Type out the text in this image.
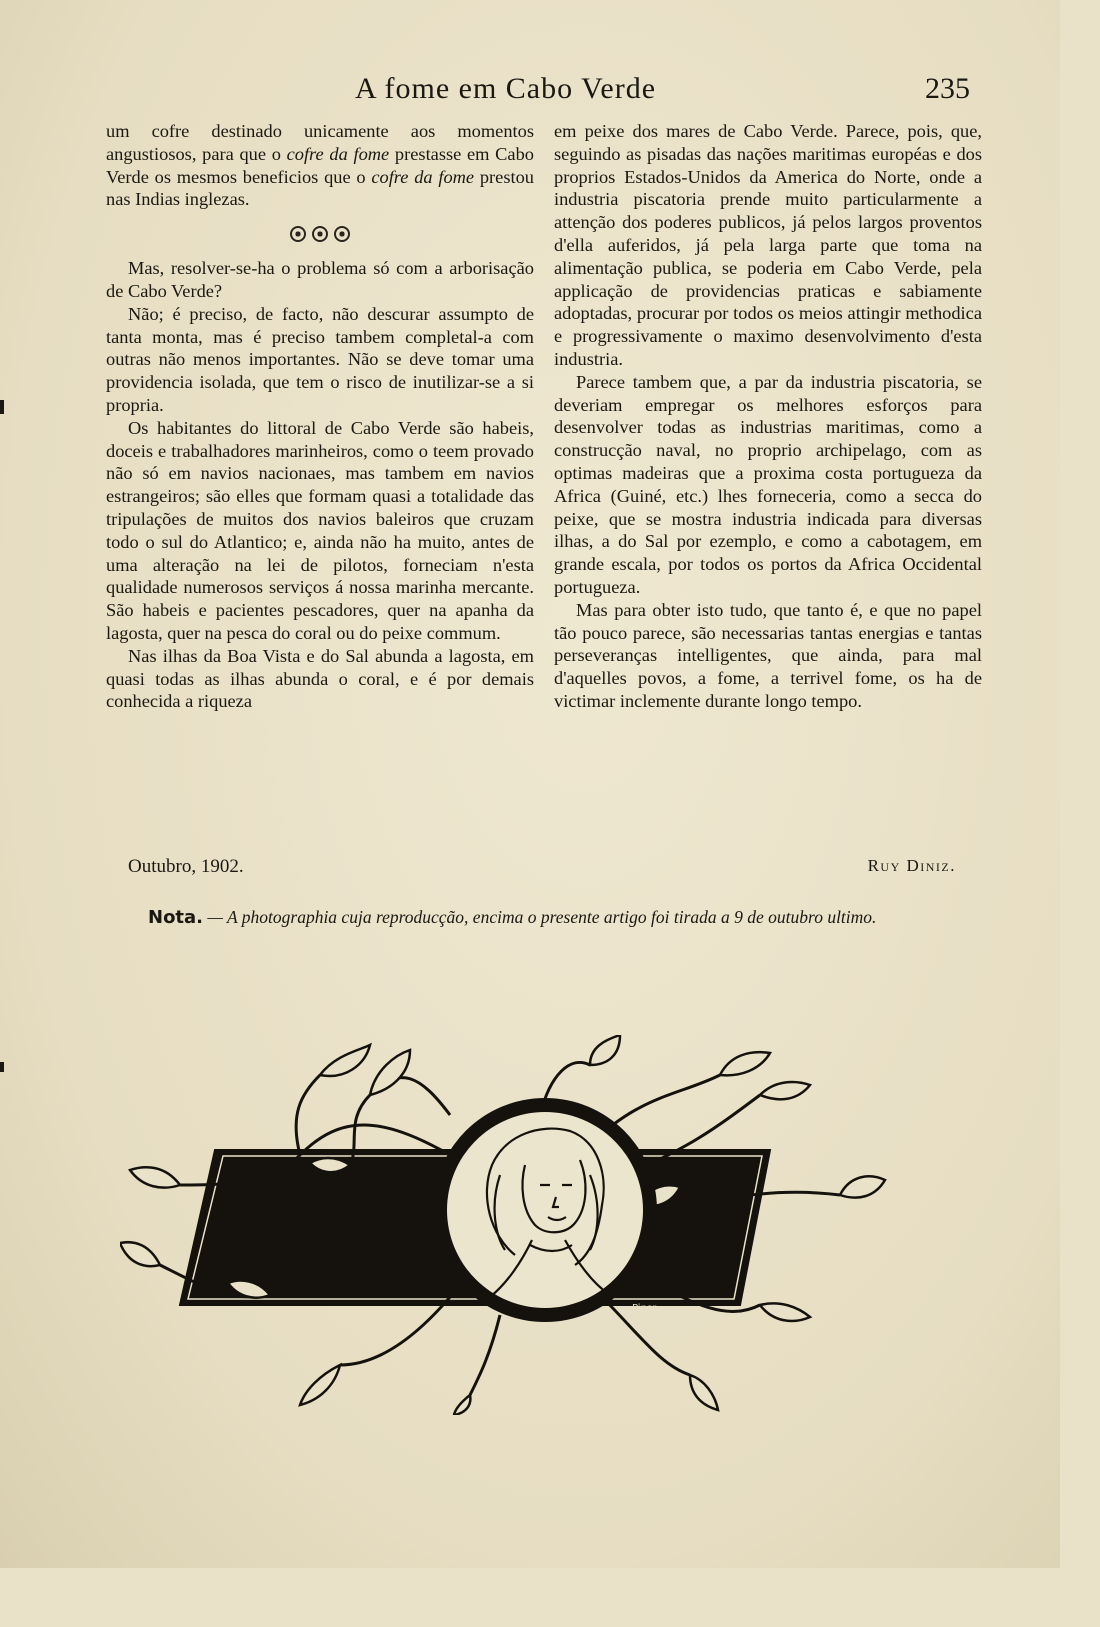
A fome em Cabo Verde	235

um cofre destinado unicamente aos momentos angustiosos, para que o cofre da fome prestasse em Cabo Verde os mesmos beneficios que o cofre da fome prestou nas Indias inglezas.

Mas, resolver-se-ha o problema só com a arborisação de Cabo Verde?

Não; é preciso, de facto, não descurar assumpto de tanta monta, mas é preciso tambem completal-a com outras não menos importantes. Não se deve tomar uma providencia isolada, que tem o risco de inutilizar-se a si propria.

Os habitantes do littoral de Cabo Verde são habeis, doceis e trabalhadores marinheiros, como o teem provado não só em navios nacionaes, mas tambem em navios estrangeiros; são elles que formam quasi a totalidade das tripulações de muitos dos navios baleiros que cruzam todo o sul do Atlantico; e, ainda não ha muito, antes de uma alteração na lei de pilotos, forneciam n'esta qualidade numerosos serviços á nossa marinha mercante. São habeis e pacientes pescadores, quer na apanha da lagosta, quer na pesca do coral ou do peixe commum.

Nas ilhas da Boa Vista e do Sal abunda a lagosta, em quasi todas as ilhas abunda o coral, e é por demais conhecida a riqueza

em peixe dos mares de Cabo Verde. Parece, pois, que, seguindo as pisadas das nações maritimas européas e dos proprios Estados-Unidos da America do Norte, onde a industria piscatoria prende muito particularmente a attenção dos poderes publicos, já pelos largos proventos d'ella auferidos, já pela larga parte que toma na alimentação publica, se poderia em Cabo Verde, pela applicação de providencias praticas e sabiamente adoptadas, procurar por todos os meios attingir methodica e progressivamente o maximo desenvolvimento d'esta industria.

Parece tambem que, a par da industria piscatoria, se deveriam empregar os melhores esforços para desenvolver todas as industrias maritimas, como a construcção naval, no proprio archipelago, com as optimas madeiras que a proxima costa portugueza da Africa (Guiné, etc.) lhes forneceria, como a secca do peixe, que se mostra industria indicada para diversas ilhas, a do Sal por ezemplo, e como a cabotagem, em grande escala, por todos os portos da Africa Occidental portugueza.

Mas para obter isto tudo, que tanto é, e que no papel tão pouco parece, são necessarias tantas energias e tantas perseveranças intelligentes, que ainda, para mal d'aquelles povos, a fome, a terrivel fome, os ha de victimar inclemente durante longo tempo.

Outubro, 1902.	Ruy Diniz.
Nota. — A photographia cuja reproducção, encima o presente artigo foi tirada a 9 de outubro ultimo.
Pinsr
